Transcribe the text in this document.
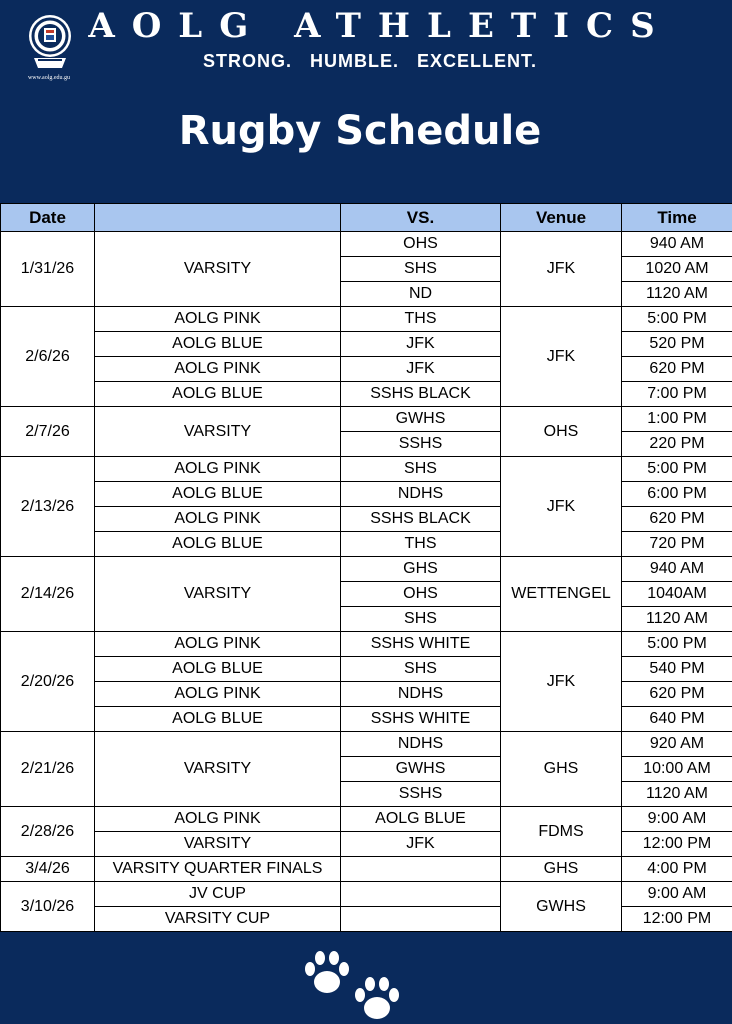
www.aolg.edu.gu
AOLG ATHLETICS
STRONG. HUMBLE. EXCELLENT.
Rugby Schedule
Date		VS.	Venue	Time
1/31/26	VARSITY	OHS	JFK	940 AM
		SHS		1020 AM
		ND		1120 AM
2/6/26	AOLG PINK	THS	JFK	5:00 PM
	AOLG BLUE	JFK		520 PM
	AOLG PINK	JFK		620 PM
	AOLG BLUE	SSHS BLACK		7:00 PM
2/7/26	VARSITY	GWHS	OHS	1:00 PM
		SSHS		220 PM
2/13/26	AOLG PINK	SHS	JFK	5:00 PM
	AOLG BLUE	NDHS		6:00 PM
	AOLG PINK	SSHS BLACK		620 PM
	AOLG BLUE	THS		720 PM
2/14/26	VARSITY	GHS	WETTENGEL	940 AM
		OHS		1040AM
		SHS		1120 AM
2/20/26	AOLG PINK	SSHS WHITE	JFK	5:00 PM
	AOLG BLUE	SHS		540 PM
	AOLG PINK	NDHS		620 PM
	AOLG BLUE	SSHS WHITE		640 PM
2/21/26	VARSITY	NDHS	GHS	920 AM
		GWHS		10:00 AM
		SSHS		1120 AM
2/28/26	AOLG PINK	AOLG BLUE	FDMS	9:00 AM
	VARSITY	JFK		12:00 PM
3/4/26	VARSITY QUARTER FINALS		GHS	4:00 PM
3/10/26	JV CUP		GWHS	9:00 AM
	VARSITY CUP			12:00 PM
